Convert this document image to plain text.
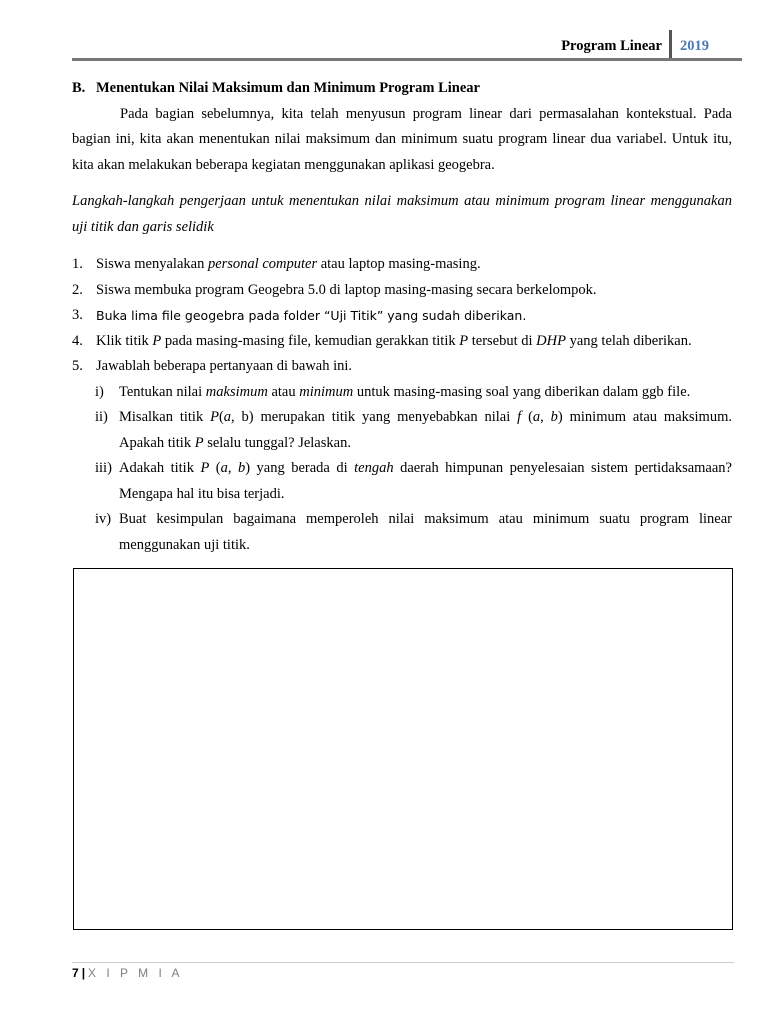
Program Linear 2019
B. Menentukan Nilai Maksimum dan Minimum Program Linear

Pada bagian sebelumnya, kita telah menyusun program linear dari permasalahan kontekstual. Pada bagian ini, kita akan menentukan nilai maksimum dan minimum suatu program linear dua variabel. Untuk itu, kita akan melakukan beberapa kegiatan menggunakan aplikasi geogebra.

Langkah-langkah pengerjaan untuk menentukan nilai maksimum atau minimum program linear menggunakan uji titik dan garis selidik

1. Siswa menyalakan personal computer atau laptop masing-masing.
2. Siswa membuka program Geogebra 5.0 di laptop masing-masing secara berkelompok.
3.	Buka lima file geogebra pada folder “Uji Titik” yang sudah diberikan.
4. Klik titik P pada masing-masing file, kemudian gerakkan titik P tersebut di DHP yang telah diberikan.
5. Jawablah beberapa pertanyaan di bawah ini.
i)	Tentukan nilai maksimum atau minimum untuk masing-masing soal yang diberikan dalam ggb file.
ii) Misalkan titik P(a, b) merupakan titik yang menyebabkan nilai f (a, b) minimum atau maksimum. Apakah titik P selalu tunggal? Jelaskan.
iii) Adakah titik P (a, b) yang berada di tengah daerah himpunan penyelesaian sistem pertidaksamaan? Mengapa hal itu bisa terjadi.
iv) Buat kesimpulan bagaimana memperoleh nilai maksimum atau minimum suatu program linear menggunakan uji titik.
7 | X I P M I A
